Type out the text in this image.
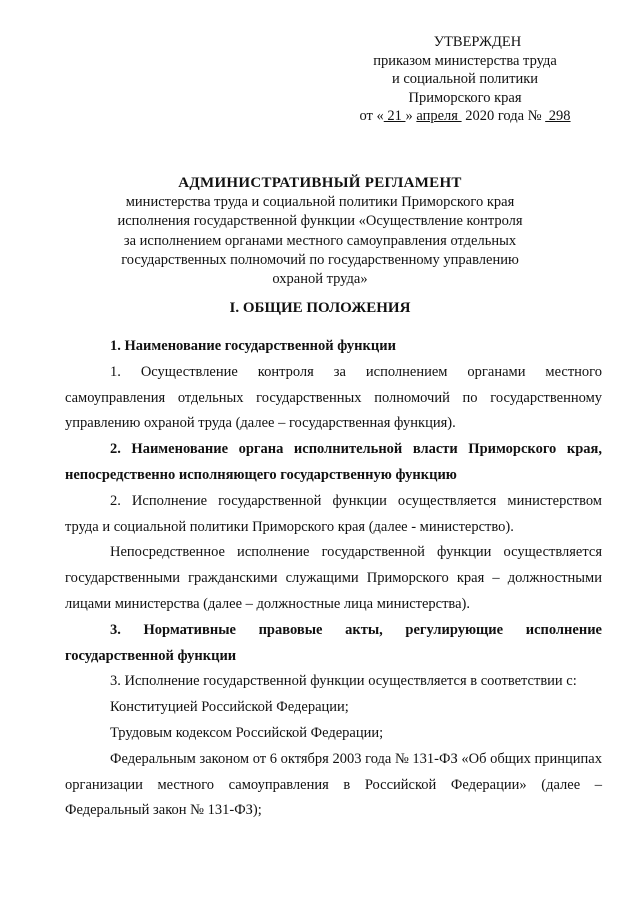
УТВЕРЖДЕН
приказом министерства труда
и социальной политики
Приморского края
от « 21 » апреля  2020 года №  298
АДМИНИСТРАТИВНЫЙ РЕГЛАМЕНТ
министерства труда и социальной политики Приморского края
исполнения государственной функции «Осуществление контроля
за исполнением органами местного самоуправления отдельных
государственных полномочий по государственному управлению
охраной труда»
I. ОБЩИЕ ПОЛОЖЕНИЯ

1. Наименование государственной функции

1. Осуществление контроля за исполнением органами местного самоуправления отдельных государственных полномочий по государственному управлению охраной труда (далее – государственная функция).

2. Наименование органа исполнительной власти Приморского края, непосредственно исполняющего государственную функцию

2. Исполнение государственной функции осуществляется министерством труда и социальной политики Приморского края (далее - министерство).

Непосредственное исполнение государственной функции осуществляется государственными гражданскими служащими Приморского края – должностными лицами министерства (далее – должностные лица министерства).

3. Нормативные правовые акты, регулирующие исполнение государственной функции

3. Исполнение государственной функции осуществляется в соответствии с:

Конституцией Российской Федерации;

Трудовым кодексом Российской Федерации;

Федеральным законом от 6 октября 2003 года № 131-ФЗ «Об общих принципах организации местного самоуправления в Российской Федерации» (далее – Федеральный закон № 131-ФЗ);
